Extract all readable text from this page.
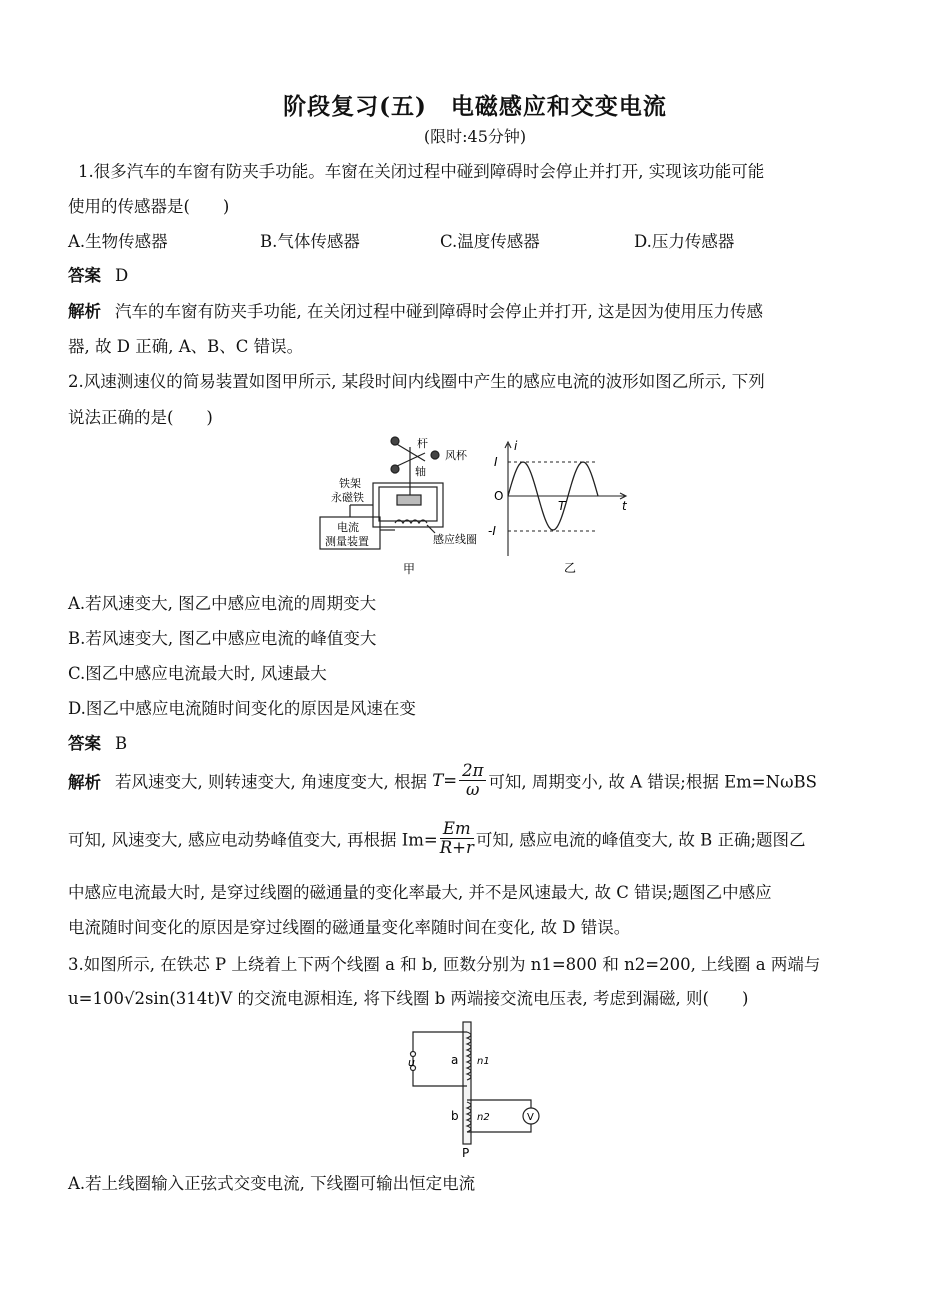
阶段复习(五)　电磁感应和交变电流
(限时:45分钟)
1.很多汽车的车窗有防夹手功能。车窗在关闭过程中碰到障碍时会停止并打开, 实现该功能可能
使用的传感器是(　　)
A.生物传感器	B.气体传感器	C.温度传感器	D.压力传感器
答案 D
解析 汽车的车窗有防夹手功能, 在关闭过程中碰到障碍时会停止并打开, 这是因为使用压力传感
器, 故 D 正确, A、B、C 错误。
2.风速测速仪的简易装置如图甲所示, 某段时间内线圈中产生的感应电流的波形如图乙所示, 下列
说法正确的是(　　)
杆
风杯
轴
铁架
永磁铁
电流
测量装置	感应线圈
甲
i
t
I
-I
O
T
乙
A.若风速变大, 图乙中感应电流的周期变大
B.若风速变大, 图乙中感应电流的峰值变大
C.图乙中感应电流最大时, 风速最大
D.图乙中感应电流随时间变化的原因是风速在变
答案 B
解析 若风速变大, 则转速变大, 角速度变大, 根据 $T= \frac{2\pi}{\omega}$ 可知, 周期变小, 故 A 错误;根据 Em=NωBS
可知, 风速变大, 感应电动势峰值变大, 再根据 $Im= \frac{Em}{R+r}$ 可知, 感应电流的峰值变大, 故 B 正确;题图乙
中感应电流最大时, 是穿过线圈的磁通量的变化率最大, 并不是风速最大, 故 C 错误;题图乙中感应
电流随时间变化的原因是穿过线圈的磁通量变化率随时间在变化, 故 D 错误。
3.如图所示, 在铁芯 P 上绕着上下两个线圈 a 和 b, 匝数分别为 n1=800 和 n2=200, 上线圈 a 两端与
u=100√2sin(314t)V 的交流电源相连, 将下线圈 b 两端接交流电压表, 考虑到漏磁, 则(　　)
u	a n1
b n2	V
P
A.若上线圈输入正弦式交变电流, 下线圈可输出恒定电流
